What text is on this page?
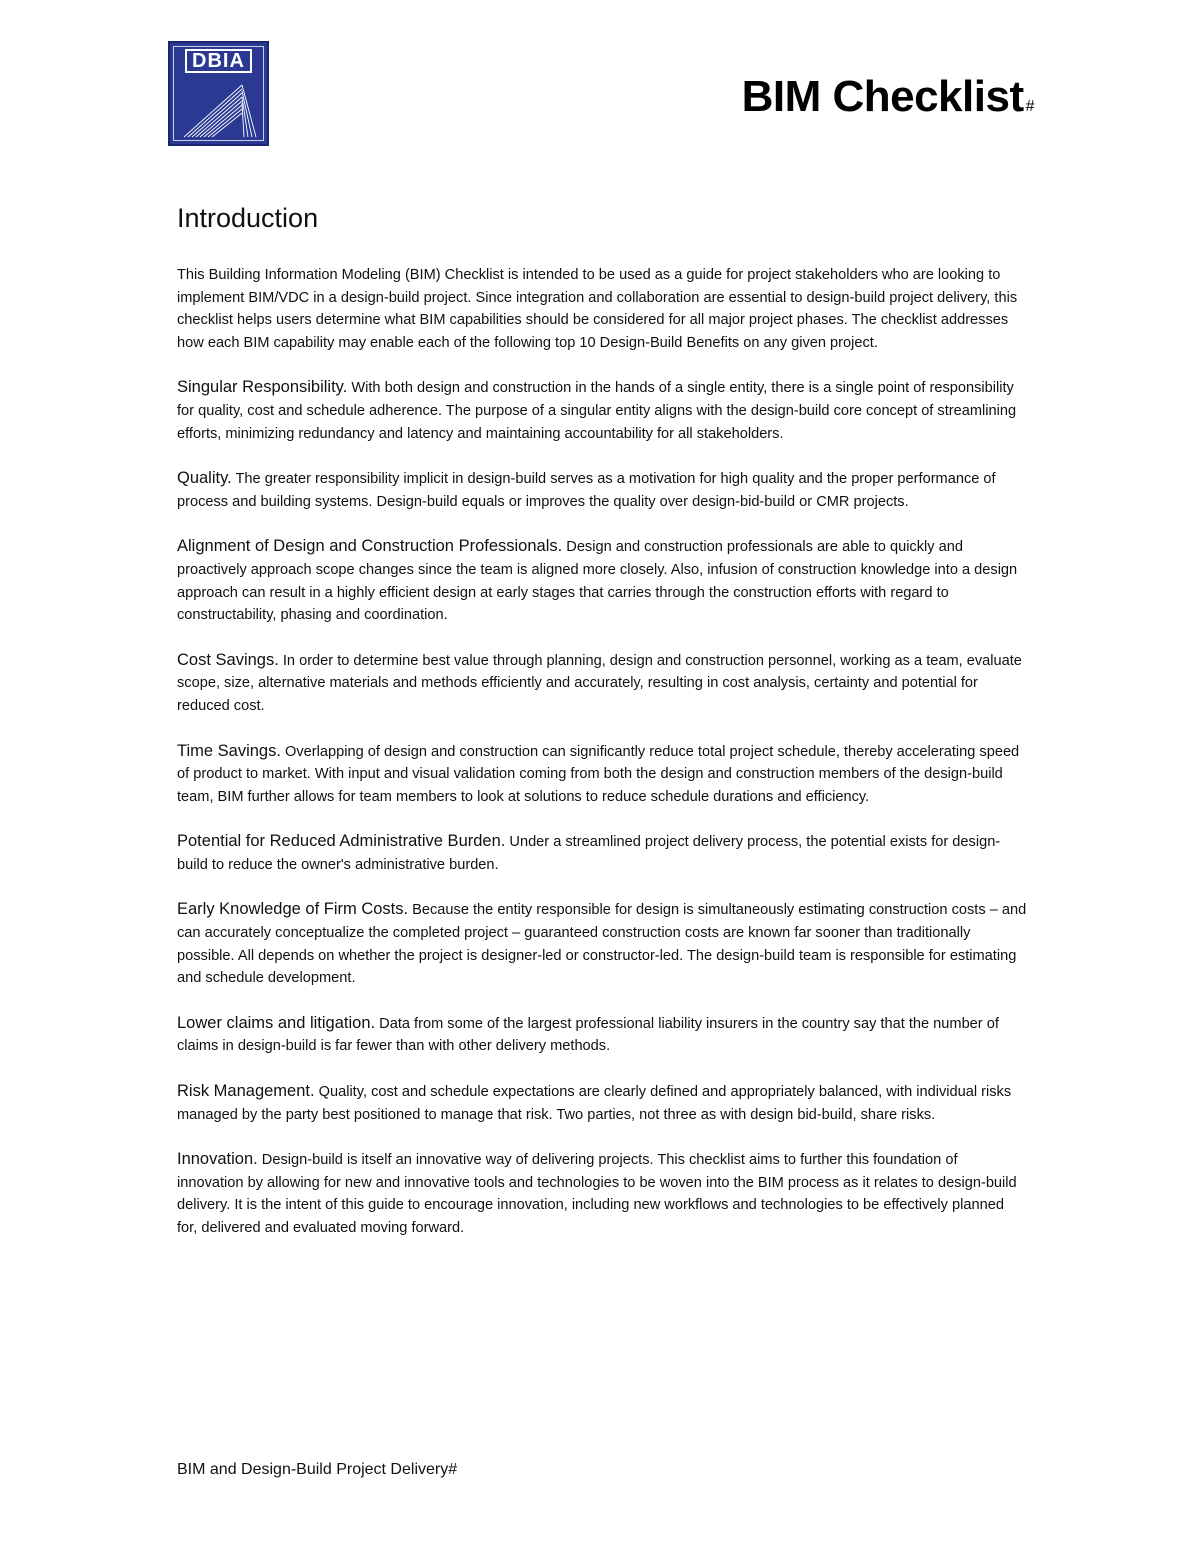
DBIA
BIM Checklist #
Introduction

This Building Information Modeling (BIM) Checklist is intended to be used as a guide for project stakeholders who are looking to implement BIM/VDC in a design-build project. Since integration and collaboration are essential to design-build project delivery, this checklist helps users determine what BIM capabilities should be considered for all major project phases. The checklist addresses how each BIM capability may enable each of the following top 10 Design-Build Benefits on any given project.

Singular Responsibility. With both design and construction in the hands of a single entity, there is a single point of responsibility for quality, cost and schedule adherence. The purpose of a singular entity aligns with the design-build core concept of streamlining efforts, minimizing redundancy and latency and maintaining accountability for all stakeholders.

Quality. The greater responsibility implicit in design-build serves as a motivation for high quality and the proper performance of process and building systems. Design-build equals or improves the quality over design-bid-build or CMR projects.

Alignment of Design and Construction Professionals. Design and construction professionals are able to quickly and proactively approach scope changes since the team is aligned more closely. Also, infusion of construction knowledge into a design approach can result in a highly efficient design at early stages that carries through the construction efforts with regard to constructability, phasing and coordination.

Cost Savings. In order to determine best value through planning, design and construction personnel, working as a team, evaluate scope, size, alternative materials and methods efficiently and accurately, resulting in cost analysis, certainty and potential for reduced cost.

Time Savings. Overlapping of design and construction can significantly reduce total project schedule, thereby accelerating speed of product to market. With input and visual validation coming from both the design and construction members of the design-build team, BIM further allows for team members to look at solutions to reduce schedule durations and efficiency.

Potential for Reduced Administrative Burden. Under a streamlined project delivery process, the potential exists for design-build to reduce the owner's administrative burden.

Early Knowledge of Firm Costs. Because the entity responsible for design is simultaneously estimating construction costs – and can accurately conceptualize the completed project – guaranteed construction costs are known far sooner than traditionally possible. All depends on whether the project is designer-led or constructor-led. The design-build team is responsible for estimating and schedule development.

Lower claims and litigation. Data from some of the largest professional liability insurers in the country say that the number of claims in design-build is far fewer than with other delivery methods.

Risk Management. Quality, cost and schedule expectations are clearly defined and appropriately balanced, with individual risks managed by the party best positioned to manage that risk. Two parties, not three as with design bid-build, share risks.

Innovation. Design-build is itself an innovative way of delivering projects. This checklist aims to further this foundation of innovation by allowing for new and innovative tools and technologies to be woven into the BIM process as it relates to design-build delivery. It is the intent of this guide to encourage innovation, including new workflows and technologies to be effectively planned for, delivered and evaluated moving forward.

BIM and Design-Build Project Delivery#
